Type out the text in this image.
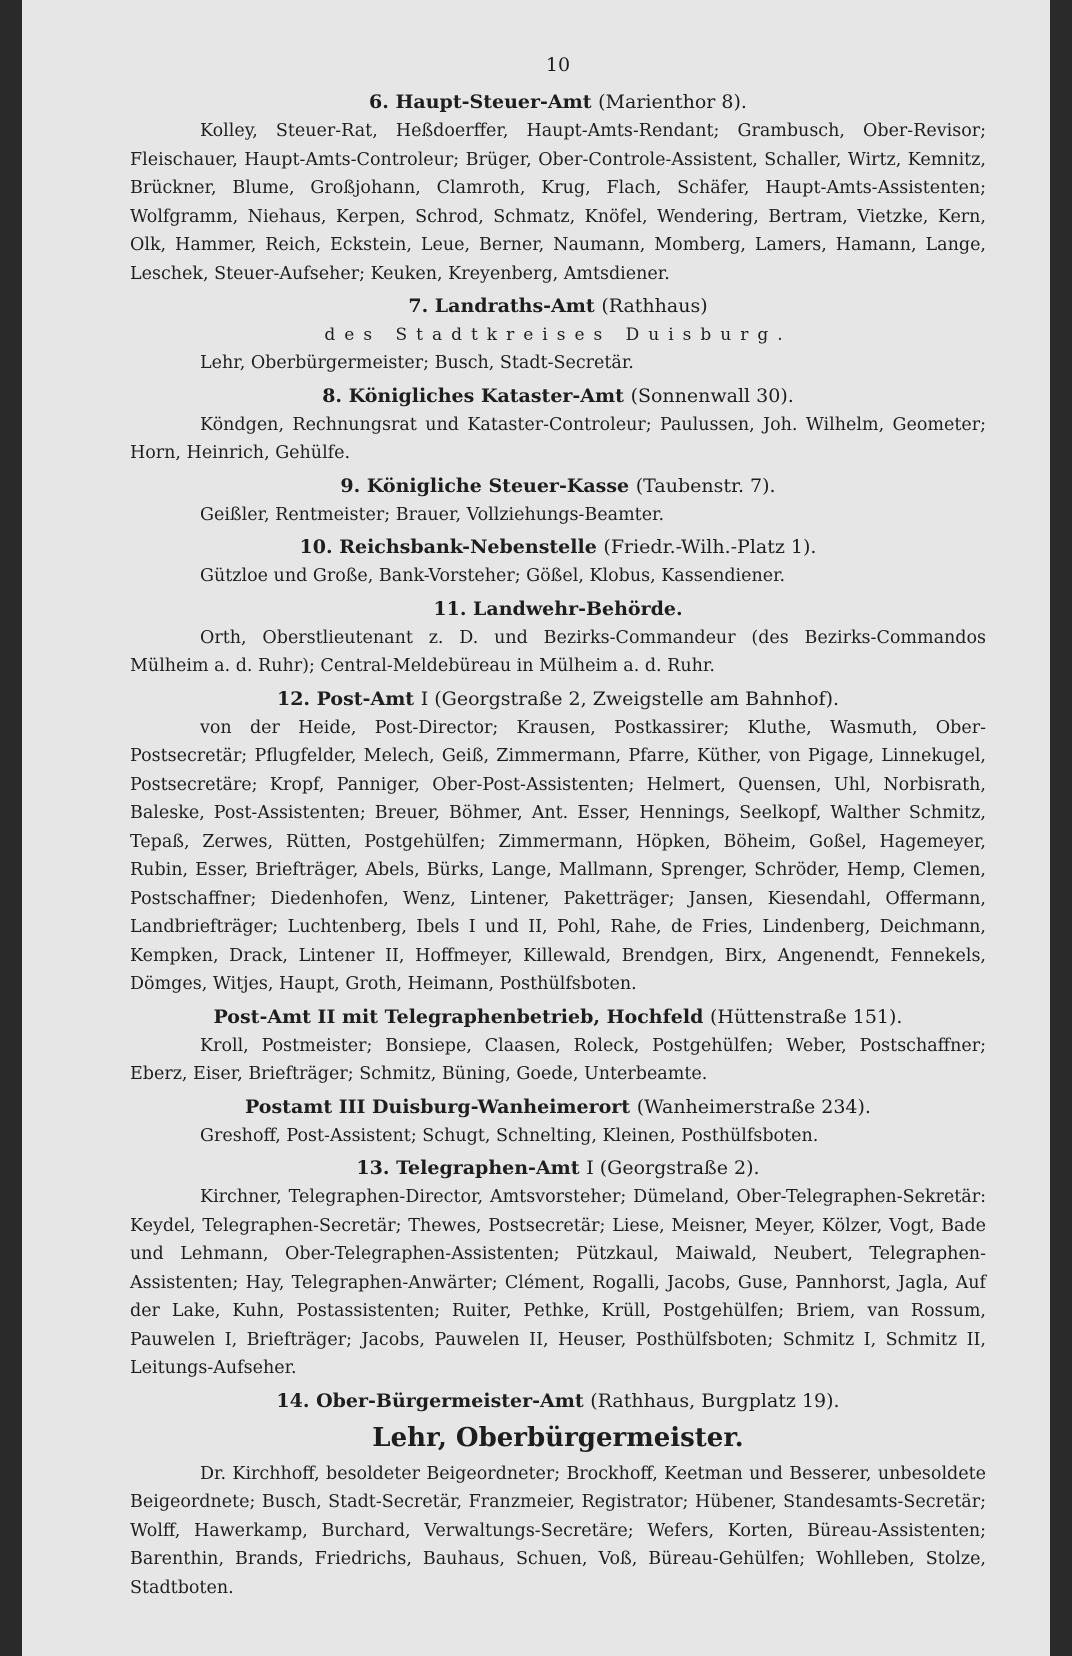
10
6. Haupt-Steuer-Amt (Marienthor 8).
Kolley, Steuer-Rat, Heßdoerffer, Haupt-Amts-Rendant; Grambusch, Ober-Revisor; Fleischauer, Haupt-Amts-Controleur; Brüger, Ober-Controle-Assistent, Schaller, Wirtz, Kemnitz, Brückner, Blume, Großjohann, Clamroth, Krug, Flach, Schäfer, Haupt-Amts-Assistenten; Wolfgramm, Niehaus, Kerpen, Schrod, Schmatz, Knöfel, Wendering, Bertram, Vietzke, Kern, Olk, Hammer, Reich, Eckstein, Leue, Berner, Naumann, Momberg, Lamers, Hamann, Lange, Leschek, Steuer-Aufseher; Keuken, Kreyenberg, Amtsdiener.
7. Landraths-Amt (Rathhaus)
des Stadtkreises Duisburg.
Lehr, Oberbürgermeister; Busch, Stadt-Secretär.
8. Königliches Kataster-Amt (Sonnenwall 30).
Köndgen, Rechnungsrat und Kataster-Controleur; Paulussen, Joh. Wilhelm, Geometer; Horn, Heinrich, Gehülfe.
9. Königliche Steuer-Kasse (Taubenstr. 7).
Geißler, Rentmeister; Brauer, Vollziehungs-Beamter.
10. Reichsbank-Nebenstelle (Friedr.-Wilh.-Platz 1).
Gützloe und Große, Bank-Vorsteher; Gößel, Klobus, Kassendiener.
11. Landwehr-Behörde.
Orth, Oberstlieutenant z. D. und Bezirks-Commandeur (des Bezirks-Commandos Mülheim a. d. Ruhr); Central-Meldebüreau in Mülheim a. d. Ruhr.
12. Post-Amt I (Georgstraße 2, Zweigstelle am Bahnhof).
von der Heide, Post-Director; Krausen, Postkassirer; Kluthe, Wasmuth, Ober-Postsecretär; Pflugfelder, Melech, Geiß, Zimmermann, Pfarre, Küther, von Pigage, Linnekugel, Postsecretäre; Kropf, Panniger, Ober-Post-Assistenten; Helmert, Quensen, Uhl, Norbisrath, Baleske, Post-Assistenten; Breuer, Böhmer, Ant. Esser, Hennings, Seelkopf, Walther Schmitz, Tepaß, Zerwes, Rütten, Postgehülfen; Zimmermann, Höpken, Böheim, Goßel, Hagemeyer, Rubin, Esser, Briefträger, Abels, Bürks, Lange, Mallmann, Sprenger, Schröder, Hemp, Clemen, Postschaffner; Diedenhofen, Wenz, Lintener, Paketträger; Jansen, Kiesendahl, Offermann, Landbriefträger; Luchtenberg, Ibels I und II, Pohl, Rahe, de Fries, Lindenberg, Deichmann, Kempken, Drack, Lintener II, Hoffmeyer, Killewald, Brendgen, Birx, Angenendt, Fennekels, Dömges, Witjes, Haupt, Groth, Heimann, Posthülfsboten.
Post-Amt II mit Telegraphenbetrieb, Hochfeld (Hüttenstraße 151).
Kroll, Postmeister; Bonsiepe, Claasen, Roleck, Postgehülfen; Weber, Postschaffner; Eberz, Eiser, Briefträger; Schmitz, Büning, Goede, Unterbeamte.
Postamt III Duisburg-Wanheimerort (Wanheimerstraße 234).
Greshoff, Post-Assistent; Schugt, Schnelting, Kleinen, Posthülfsboten.
13. Telegraphen-Amt I (Georgstraße 2).
Kirchner, Telegraphen-Director, Amtsvorsteher; Dümeland, Ober-Telegraphen-Sekretär: Keydel, Telegraphen-Secretär; Thewes, Postsecretär; Liese, Meisner, Meyer, Kölzer, Vogt, Bade und Lehmann, Ober-Telegraphen-Assistenten; Pützkaul, Maiwald, Neubert, Telegraphen-Assistenten; Hay, Telegraphen-Anwärter; Clément, Rogalli, Jacobs, Guse, Pannhorst, Jagla, Auf der Lake, Kuhn, Postassistenten; Ruiter, Pethke, Krüll, Postgehülfen; Briem, van Rossum, Pauwelen I, Briefträger; Jacobs, Pauwelen II, Heuser, Posthülfsboten; Schmitz I, Schmitz II, Leitungs-Aufseher.
14. Ober-Bürgermeister-Amt (Rathhaus, Burgplatz 19).
Lehr, Oberbürgermeister.
Dr. Kirchhoff, besoldeter Beigeordneter; Brockhoff, Keetman und Besserer, unbesoldete Beigeordnete; Busch, Stadt-Secretär, Franzmeier, Registrator; Hübener, Standesamts-Secretär; Wolff, Hawerkamp, Burchard, Verwaltungs-Secretäre; Wefers, Korten, Büreau-Assistenten; Barenthin, Brands, Friedrichs, Bauhaus, Schuen, Voß, Büreau-Gehülfen; Wohlleben, Stolze, Stadtboten.
